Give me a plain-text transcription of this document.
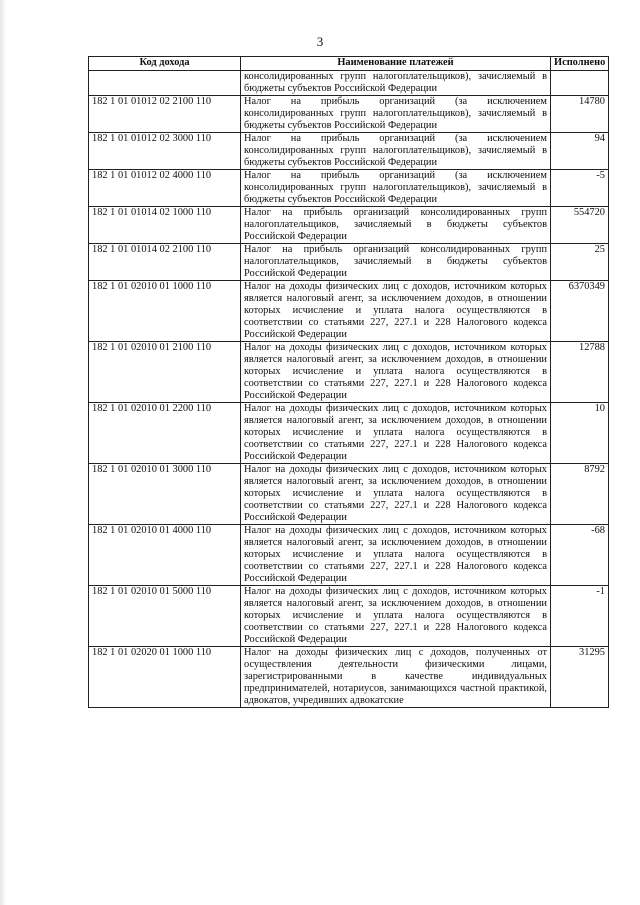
3
Код дохода	Наименование платежей	Исполнено
	консолидированных групп налогоплательщиков), зачисляемый в бюджеты субъектов Российской Федерации	
182 1 01 01012 02 2100 110	Налог на прибыль организаций (за исключением консолидированных групп налогоплательщиков), зачисляемый в бюджеты субъектов Российской Федерации	14780
182 1 01 01012 02 3000 110	Налог на прибыль организаций (за исключением консолидированных групп налогоплательщиков), зачисляемый в бюджеты субъектов Российской Федерации	94
182 1 01 01012 02 4000 110	Налог на прибыль организаций (за исключением консолидированных групп налогоплательщиков), зачисляемый в бюджеты субъектов Российской Федерации	-5
182 1 01 01014 02 1000 110	Налог на прибыль организаций консолидированных групп налогоплательщиков, зачисляемый в бюджеты субъектов Российской Федерации	554720
182 1 01 01014 02 2100 110	Налог на прибыль организаций консолидированных групп налогоплательщиков, зачисляемый в бюджеты субъектов Российской Федерации	25
182 1 01 02010 01 1000 110	Налог на доходы физических лиц с доходов, источником которых является налоговый агент, за исключением доходов, в отношении которых исчисление и уплата налога осуществляются в соответствии со статьями 227, 227.1 и 228 Налогового кодекса Российской Федерации	6370349
182 1 01 02010 01 2100 110	Налог на доходы физических лиц с доходов, источником которых является налоговый агент, за исключением доходов, в отношении которых исчисление и уплата налога осуществляются в соответствии со статьями 227, 227.1 и 228 Налогового кодекса Российской Федерации	12788
182 1 01 02010 01 2200 110	Налог на доходы физических лиц с доходов, источником которых является налоговый агент, за исключением доходов, в отношении которых исчисление и уплата налога осуществляются в соответствии со статьями 227, 227.1 и 228 Налогового кодекса Российской Федерации	10
182 1 01 02010 01 3000 110	Налог на доходы физических лиц с доходов, источником которых является налоговый агент, за исключением доходов, в отношении которых исчисление и уплата налога осуществляются в соответствии со статьями 227, 227.1 и 228 Налогового кодекса Российской Федерации	8792
182 1 01 02010 01 4000 110	Налог на доходы физических лиц с доходов, источником которых является налоговый агент, за исключением доходов, в отношении которых исчисление и уплата налога осуществляются в соответствии со статьями 227, 227.1 и 228 Налогового кодекса Российской Федерации	-68
182 1 01 02010 01 5000 110	Налог на доходы физических лиц с доходов, источником которых является налоговый агент, за исключением доходов, в отношении которых исчисление и уплата налога осуществляются в соответствии со статьями 227, 227.1 и 228 Налогового кодекса Российской Федерации	-1
182 1 01 02020 01 1000 110	Налог на доходы физических лиц с доходов, полученных от осуществления деятельности физическими лицами, зарегистрированными в качестве индивидуальных предпринимателей, нотариусов, занимающихся частной практикой, адвокатов, учредивших адвокатские	31295
